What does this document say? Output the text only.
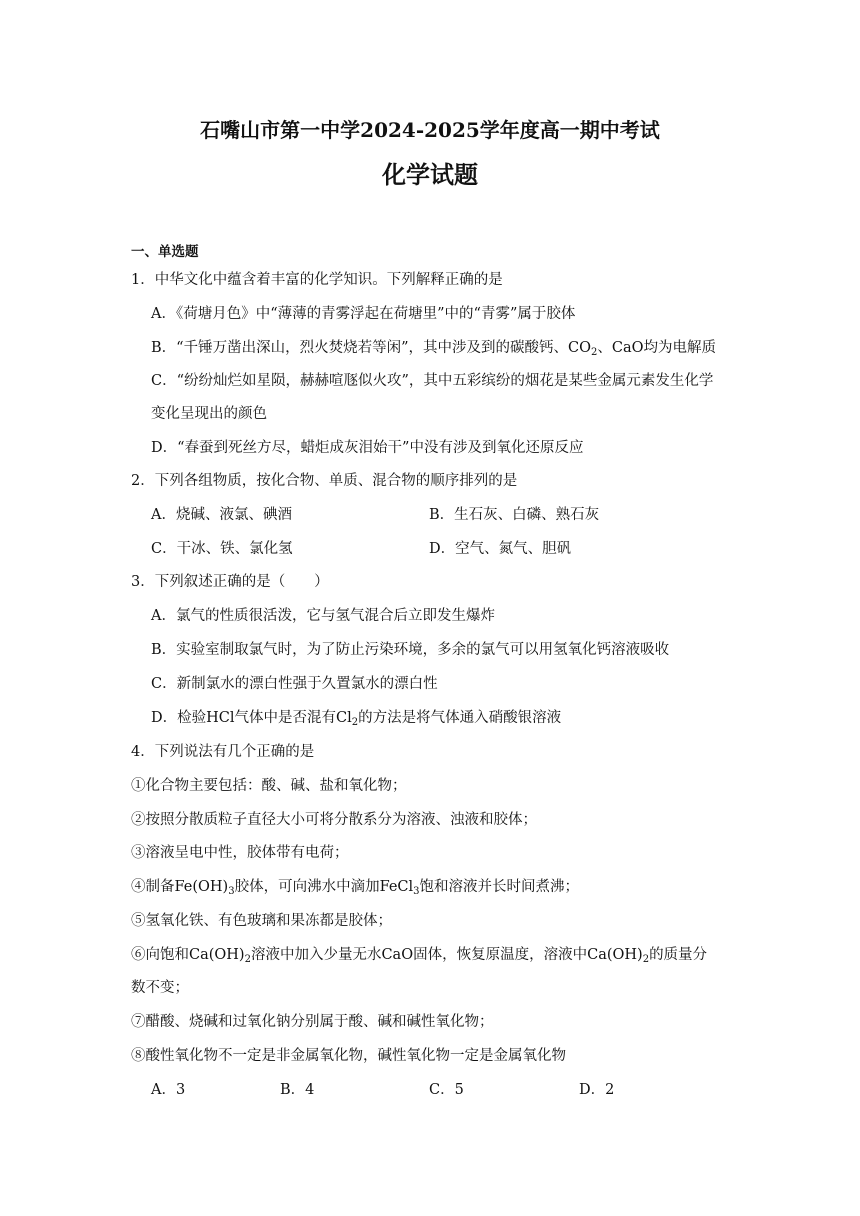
石嘴山市第一中学2024-2025学年度高一期中考试
化学试题
一、单选题
1．中华文化中蕴含着丰富的化学知识。下列解释正确的是
A．《荷塘月色》中“薄薄的青雾浮起在荷塘里”中的“青雾”属于胶体
B．“千锤万凿出深山，烈火焚烧若等闲”，其中涉及到的碳酸钙、$CO_2$、CaO均为电解质
C．“纷纷灿烂如星陨，赫赫喧豗似火攻”，其中五彩缤纷的烟花是某些金属元素发生化学
变化呈现出的颜色
D．“春蚕到死丝方尽，蜡炬成灰泪始干”中没有涉及到氧化还原反应
2．下列各组物质，按化合物、单质、混合物的顺序排列的是
A．烧碱、液氯、碘酒	B．生石灰、白磷、熟石灰
C．干冰、铁、氯化氢	D．空气、氮气、胆矾
3．下列叙述正确的是（　　）
A．氯气的性质很活泼，它与氢气混合后立即发生爆炸
B．实验室制取氯气时，为了防止污染环境，多余的氯气可以用氢氧化钙溶液吸收
C．新制氯水的漂白性强于久置氯水的漂白性
D．检验HCl气体中是否混有$Cl_2$的方法是将气体通入硝酸银溶液
4．下列说法有几个正确的是
①化合物主要包括：酸、碱、盐和氧化物；
②按照分散质粒子直径大小可将分散系分为溶液、浊液和胶体；
③溶液呈电中性，胶体带有电荷；
④制备$Fe(OH)_3$胶体，可向沸水中滴加FeCl$_3$饱和溶液并长时间煮沸；
⑤氢氧化铁、有色玻璃和果冻都是胶体；
⑥向饱和$Ca(OH)_2$溶液中加入少量无水CaO固体，恢复原温度，溶液中$Ca(OH)_2$的质量分
数不变；
⑦醋酸、烧碱和过氧化钠分别属于酸、碱和碱性氧化物；
⑧酸性氧化物不一定是非金属氧化物，碱性氧化物一定是金属氧化物
A．3	B．4	C．5	D．2
